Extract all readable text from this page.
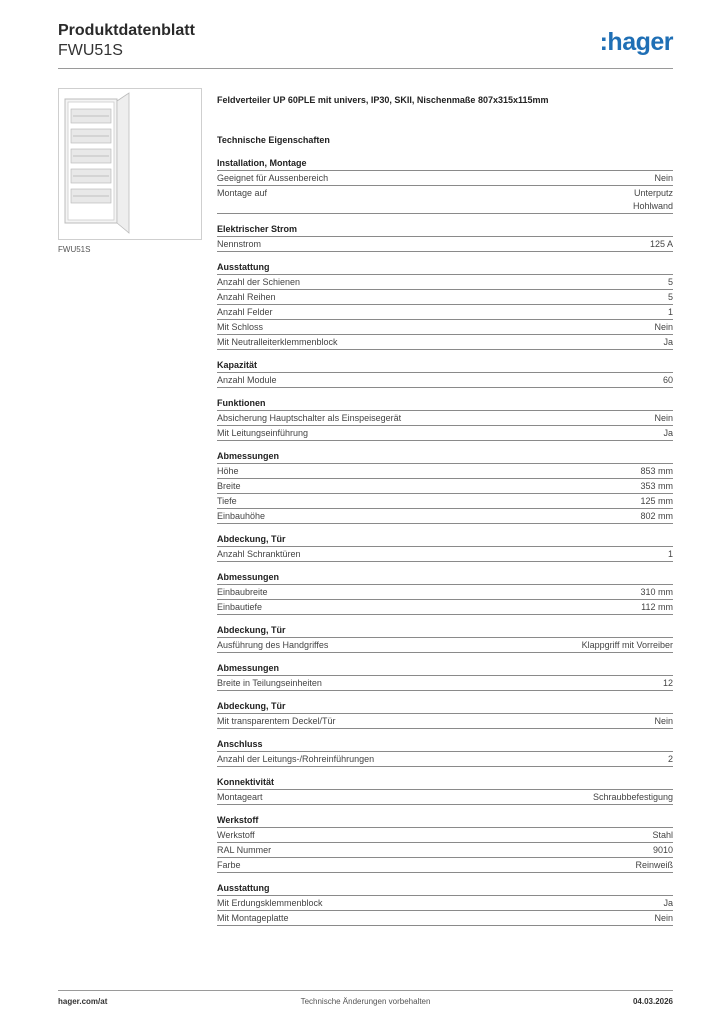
Produktdatenblatt
FWU51S	:hager
FWU51S
Feldverteiler UP 60PLE mit univers, IP30, SKII, Nischenmaße 807x315x115mm
Technische Eigenschaften
Installation, Montage
Geeignet für Aussenbereich	Nein
Montage auf	Unterputz
Hohlwand
Elektrischer Strom
Nennstrom	125 A
Ausstattung
Anzahl der Schienen	5
Anzahl Reihen	5
Anzahl Felder	1
Mit Schloss	Nein
Mit Neutralleiterklemmenblock	Ja
Kapazität
Anzahl Module	60
Funktionen
Absicherung Hauptschalter als Einspeisegerät	Nein
Mit Leitungseinführung	Ja
Abmessungen
Höhe	853 mm
Breite	353 mm
Tiefe	125 mm
Einbauhöhe	802 mm
Abdeckung, Tür
Anzahl Schranktüren	1
Abmessungen
Einbaubreite	310 mm
Einbautiefe	112 mm
Abdeckung, Tür
Ausführung des Handgriffes	Klappgriff mit Vorreiber
Abmessungen
Breite in Teilungseinheiten	12
Abdeckung, Tür
Mit transparentem Deckel/Tür	Nein
Anschluss
Anzahl der Leitungs-/Rohreinführungen	2
Konnektivität
Montageart	Schraubbefestigung
Werkstoff
Werkstoff	Stahl
RAL Nummer	9010
Farbe	Reinweiß
Ausstattung
Mit Erdungsklemmenblock	Ja
Mit Montageplatte	Nein
hager.com/at	Technische Änderungen vorbehalten	04.03.2026
